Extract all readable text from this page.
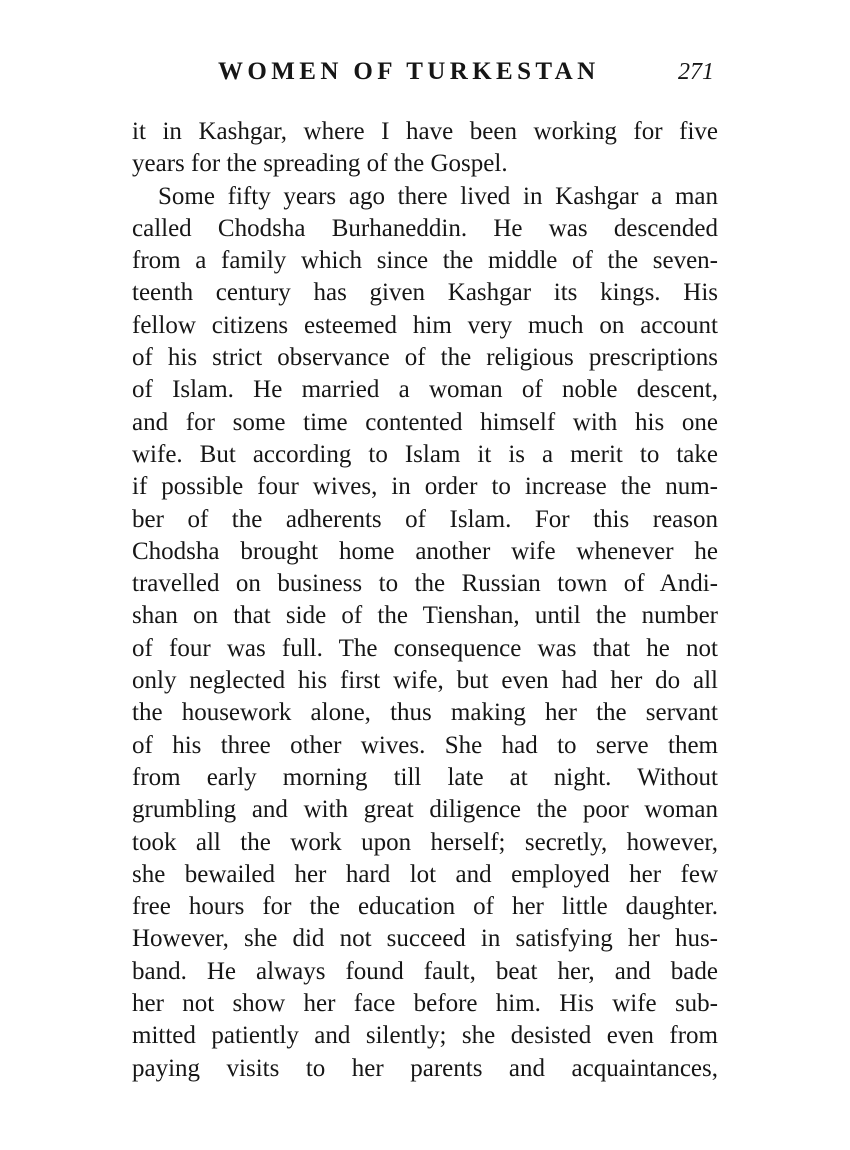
WOMEN OF TURKESTAN	271
it in Kashgar, where I have been working for five
years for the spreading of the Gospel.
Some fifty years ago there lived in Kashgar a man
called Chodsha Burhaneddin. He was descended
from a family which since the middle of the seven-
teenth century has given Kashgar its kings. His
fellow citizens esteemed him very much on account
of his strict observance of the religious prescriptions
of Islam. He married a woman of noble descent,
and for some time contented himself with his one
wife. But according to Islam it is a merit to take
if possible four wives, in order to increase the num-
ber of the adherents of Islam. For this reason
Chodsha brought home another wife whenever he
travelled on business to the Russian town of Andi-
shan on that side of the Tienshan, until the number
of four was full. The consequence was that he not
only neglected his first wife, but even had her do all
the housework alone, thus making her the servant
of his three other wives. She had to serve them
from early morning till late at night. Without
grumbling and with great diligence the poor woman
took all the work upon herself; secretly, however,
she bewailed her hard lot and employed her few
free hours for the education of her little daughter.
However, she did not succeed in satisfying her hus-
band. He always found fault, beat her, and bade
her not show her face before him. His wife sub-
mitted patiently and silently; she desisted even from
paying visits to her parents and acquaintances,
